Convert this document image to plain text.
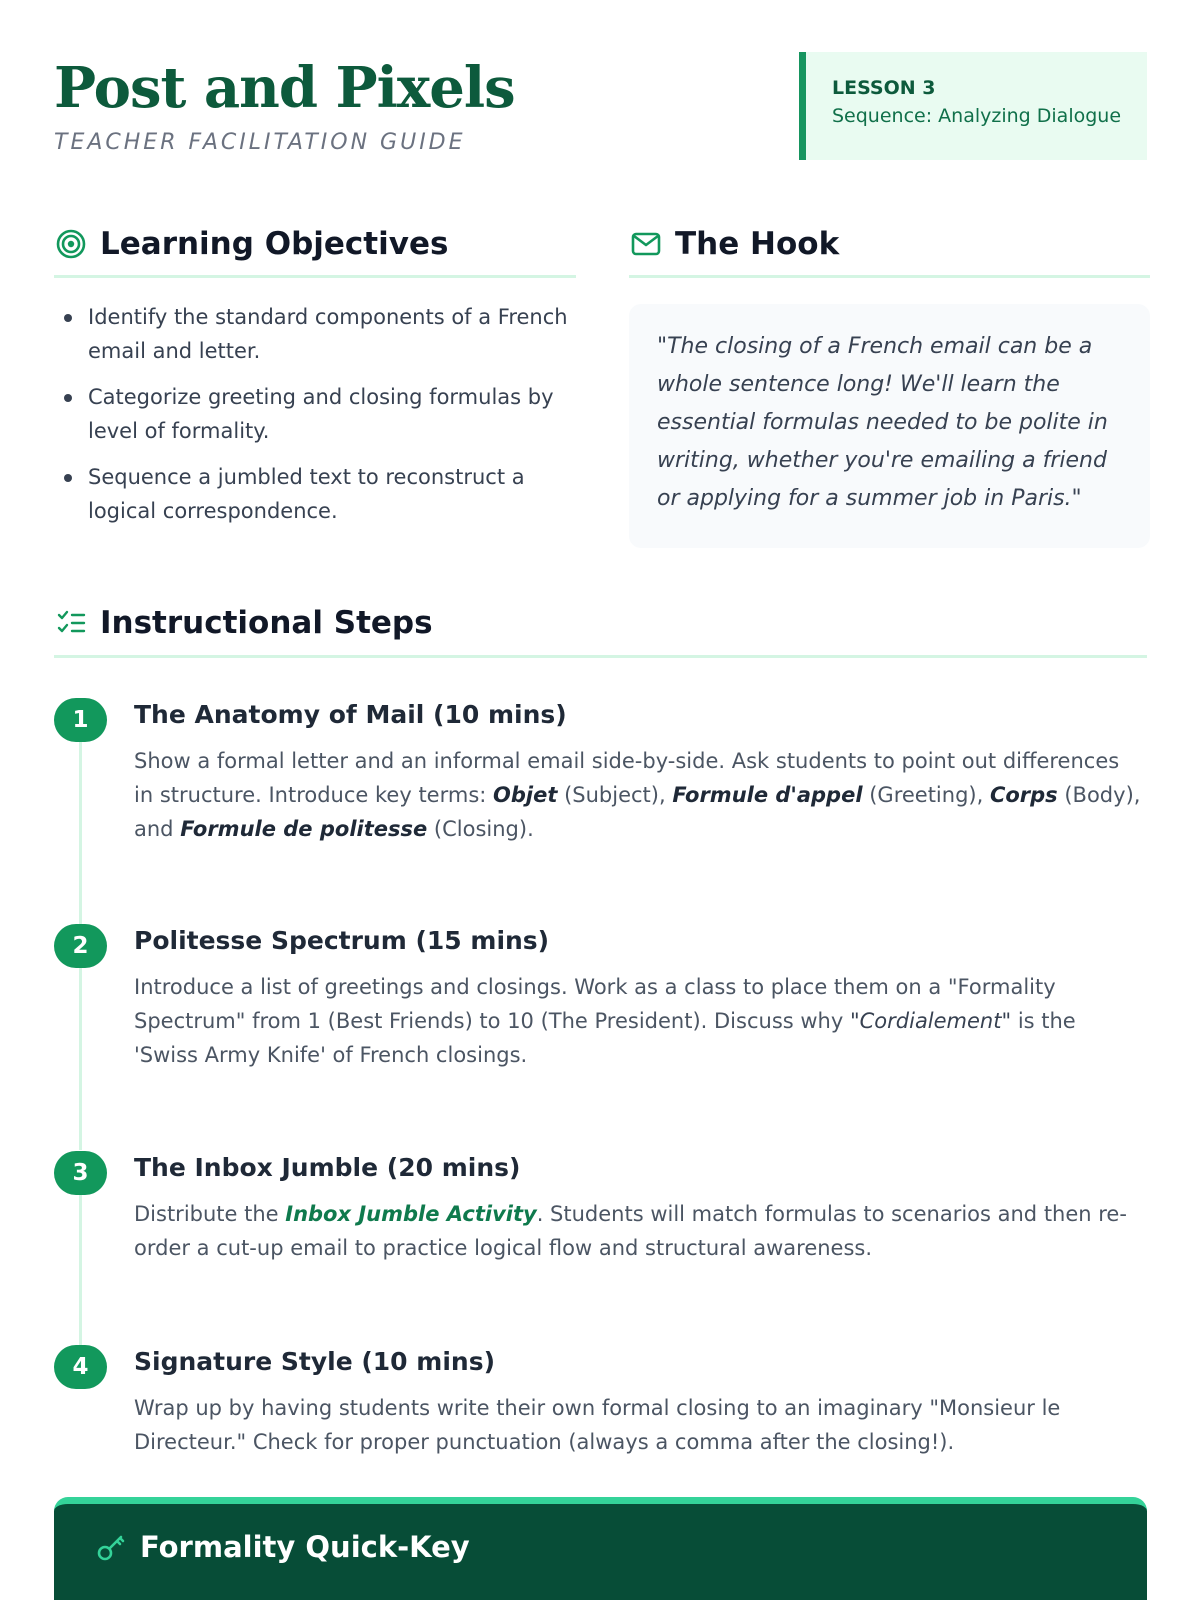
Post and Pixels
TEACHER FACILITATION GUIDE
LESSON 3
Sequence: Analyzing Dialogue
Learning Objectives
Identify the standard components of a French email and letter.
Categorize greeting and closing formulas by level of formality.
Sequence a jumbled text to reconstruct a logical correspondence.
The Hook

"The closing of a French email can be a whole sentence long! We'll learn the essential formulas needed to be polite in writing, whether you're emailing a friend or applying for a summer job in Paris."

Instructional Steps
1	The Anatomy of Mail (10 mins)
Show a formal letter and an informal email side-by-side. Ask students to point out differences in structure. Introduce key terms: Objet (Subject), Formule d'appel (Greeting), Corps (Body), and Formule de politesse (Closing).
2	Politesse Spectrum (15 mins)
Introduce a list of greetings and closings. Work as a class to place them on a "Formality Spectrum" from 1 (Best Friends) to 10 (The President). Discuss why "Cordialement" is the 'Swiss Army Knife' of French closings.
3	The Inbox Jumble (20 mins)
Distribute the Inbox Jumble Activity. Students will match formulas to scenarios and then re-order a cut-up email to practice logical flow and structural awareness.
4	Signature Style (10 mins)
Wrap up by having students write their own formal closing to an imaginary "Monsieur le Directeur." Check for proper punctuation (always a comma after the closing!).
Formality Quick-Key
